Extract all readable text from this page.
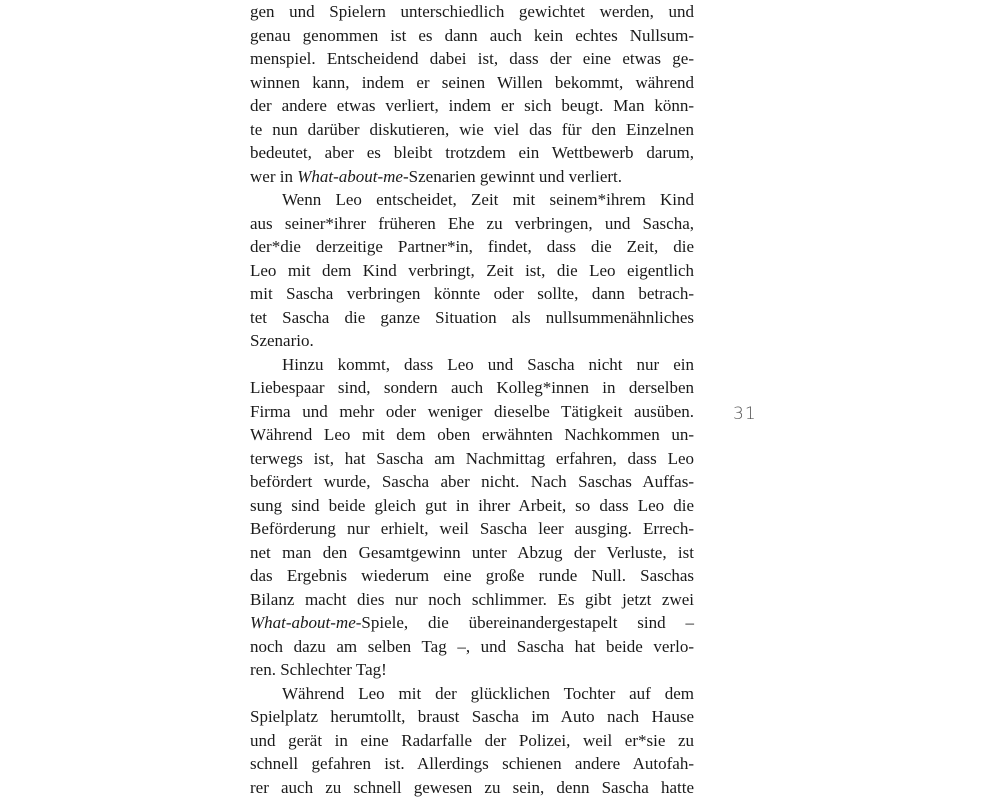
gen und Spielern unterschiedlich gewichtet werden, und
genau genommen ist es dann auch kein echtes Nullsum-
menspiel. Entscheidend dabei ist, dass der eine etwas ge-
winnen kann, indem er seinen Willen bekommt, während
der andere etwas verliert, indem er sich beugt. Man könn-
te nun darüber diskutieren, wie viel das für den Einzelnen
bedeutet, aber es bleibt trotzdem ein Wettbewerb darum,
wer in What-about-me-Szenarien gewinnt und verliert.
Wenn Leo entscheidet, Zeit mit seinem*ihrem Kind
aus seiner*ihrer früheren Ehe zu verbringen, und Sascha,
der*die derzeitige Partner*in, findet, dass die Zeit, die
Leo mit dem Kind verbringt, Zeit ist, die Leo eigentlich
mit Sascha verbringen könnte oder sollte, dann betrach-
tet Sascha die ganze Situation als nullsummenähnliches
Szenario.
Hinzu kommt, dass Leo und Sascha nicht nur ein
Liebespaar sind, sondern auch Kolleg*innen in derselben
Firma und mehr oder weniger dieselbe Tätigkeit ausüben.
Während Leo mit dem oben erwähnten Nachkommen un-
terwegs ist, hat Sascha am Nachmittag erfahren, dass Leo
befördert wurde, Sascha aber nicht. Nach Saschas Auffas-
sung sind beide gleich gut in ihrer Arbeit, so dass Leo die
Beförderung nur erhielt, weil Sascha leer ausging. Errech-
net man den Gesamtgewinn unter Abzug der Verluste, ist
das Ergebnis wiederum eine große runde Null. Saschas
Bilanz macht dies nur noch schlimmer. Es gibt jetzt zwei
What-about-me-Spiele, die übereinandergestapelt sind –
noch dazu am selben Tag –, und Sascha hat beide verlo-
ren. Schlechter Tag!
Während Leo mit der glücklichen Tochter auf dem
Spielplatz herumtollt, braust Sascha im Auto nach Hause
und gerät in eine Radarfalle der Polizei, weil er*sie zu
schnell gefahren ist. Allerdings schienen andere Autofah-
rer auch zu schnell gewesen zu sein, denn Sascha hatte
31
